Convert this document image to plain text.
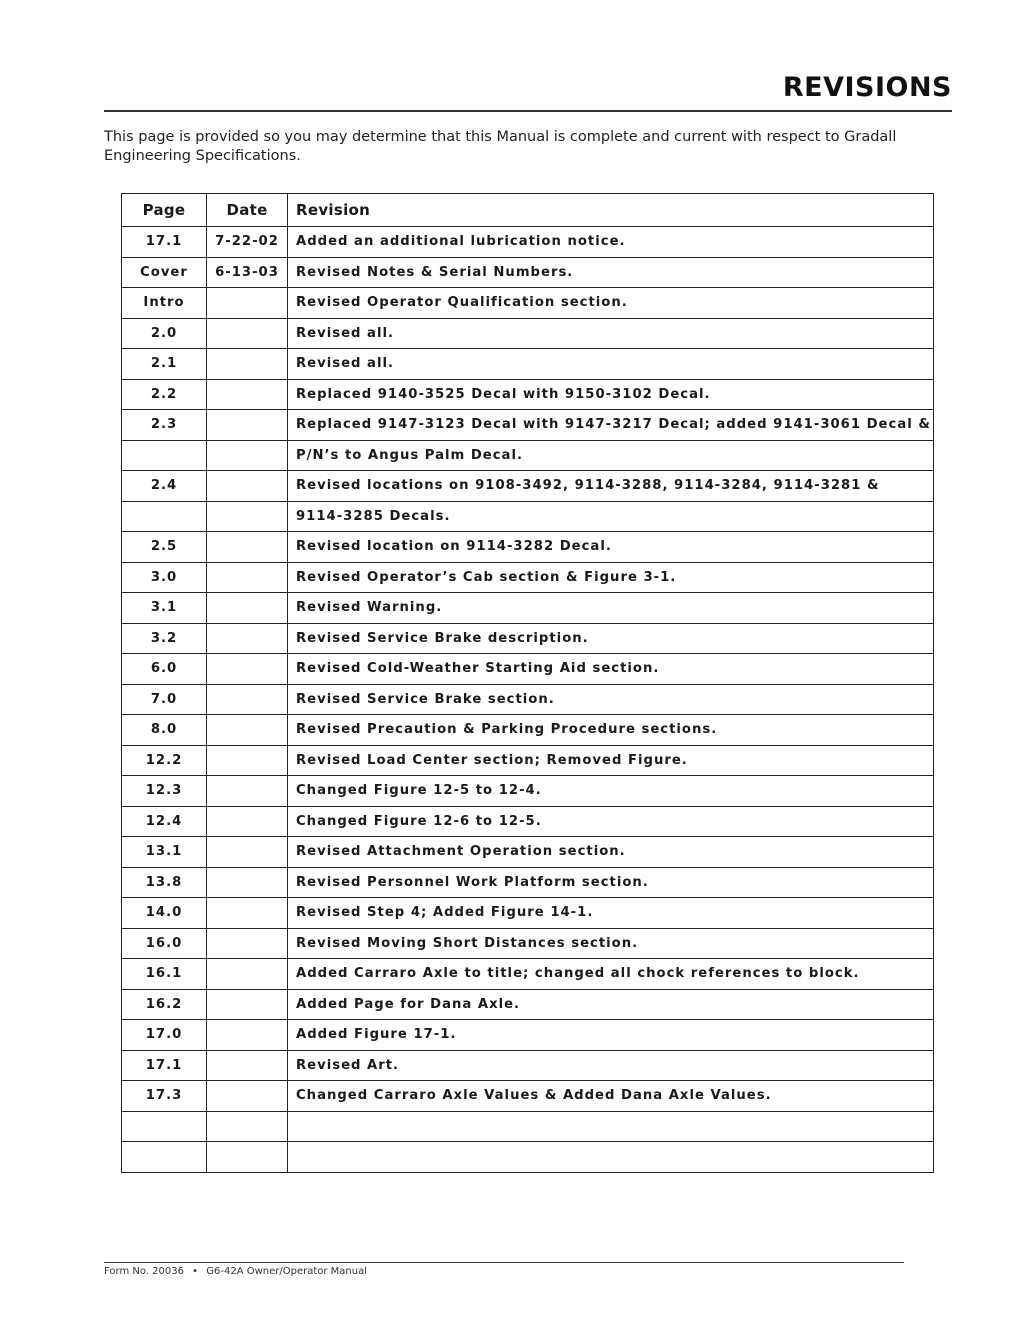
REVISIONS
This page is provided so you may determine that this Manual is complete and current with respect to Gradall Engineering Specifications.
Page	Date	Revision
17.1	7-22-02	Added an additional lubrication notice.
Cover	6-13-03	Revised Notes & Serial Numbers.
Intro		Revised Operator Qualification section.
2.0		Revised all.
2.1		Revised all.
2.2		Replaced 9140-3525 Decal with 9150-3102 Decal.
2.3		Replaced 9147-3123 Decal with 9147-3217 Decal; added 9141-3061 Decal &
		P/N’s to Angus Palm Decal.
2.4		Revised locations on 9108-3492, 9114-3288, 9114-3284, 9114-3281 &
		9114-3285 Decals.
2.5		Revised location on 9114-3282 Decal.
3.0		Revised Operator’s Cab section & Figure 3-1.
3.1		Revised Warning.
3.2		Revised Service Brake description.
6.0		Revised Cold-Weather Starting Aid section.
7.0		Revised Service Brake section.
8.0		Revised Precaution & Parking Procedure sections.
12.2		Revised Load Center section; Removed Figure.
12.3		Changed Figure 12-5 to 12-4.
12.4		Changed Figure 12-6 to 12-5.
13.1		Revised Attachment Operation section.
13.8		Revised Personnel Work Platform section.
14.0		Revised Step 4; Added Figure 14-1.
16.0		Revised Moving Short Distances section.
16.1		Added Carraro Axle to title; changed all chock references to block.
16.2		Added Page for Dana Axle.
17.0		Added Figure 17-1.
17.1		Revised Art.
17.3		Changed Carraro Axle Values & Added Dana Axle Values.

Form No. 20036 • G6-42A Owner/Operator Manual
